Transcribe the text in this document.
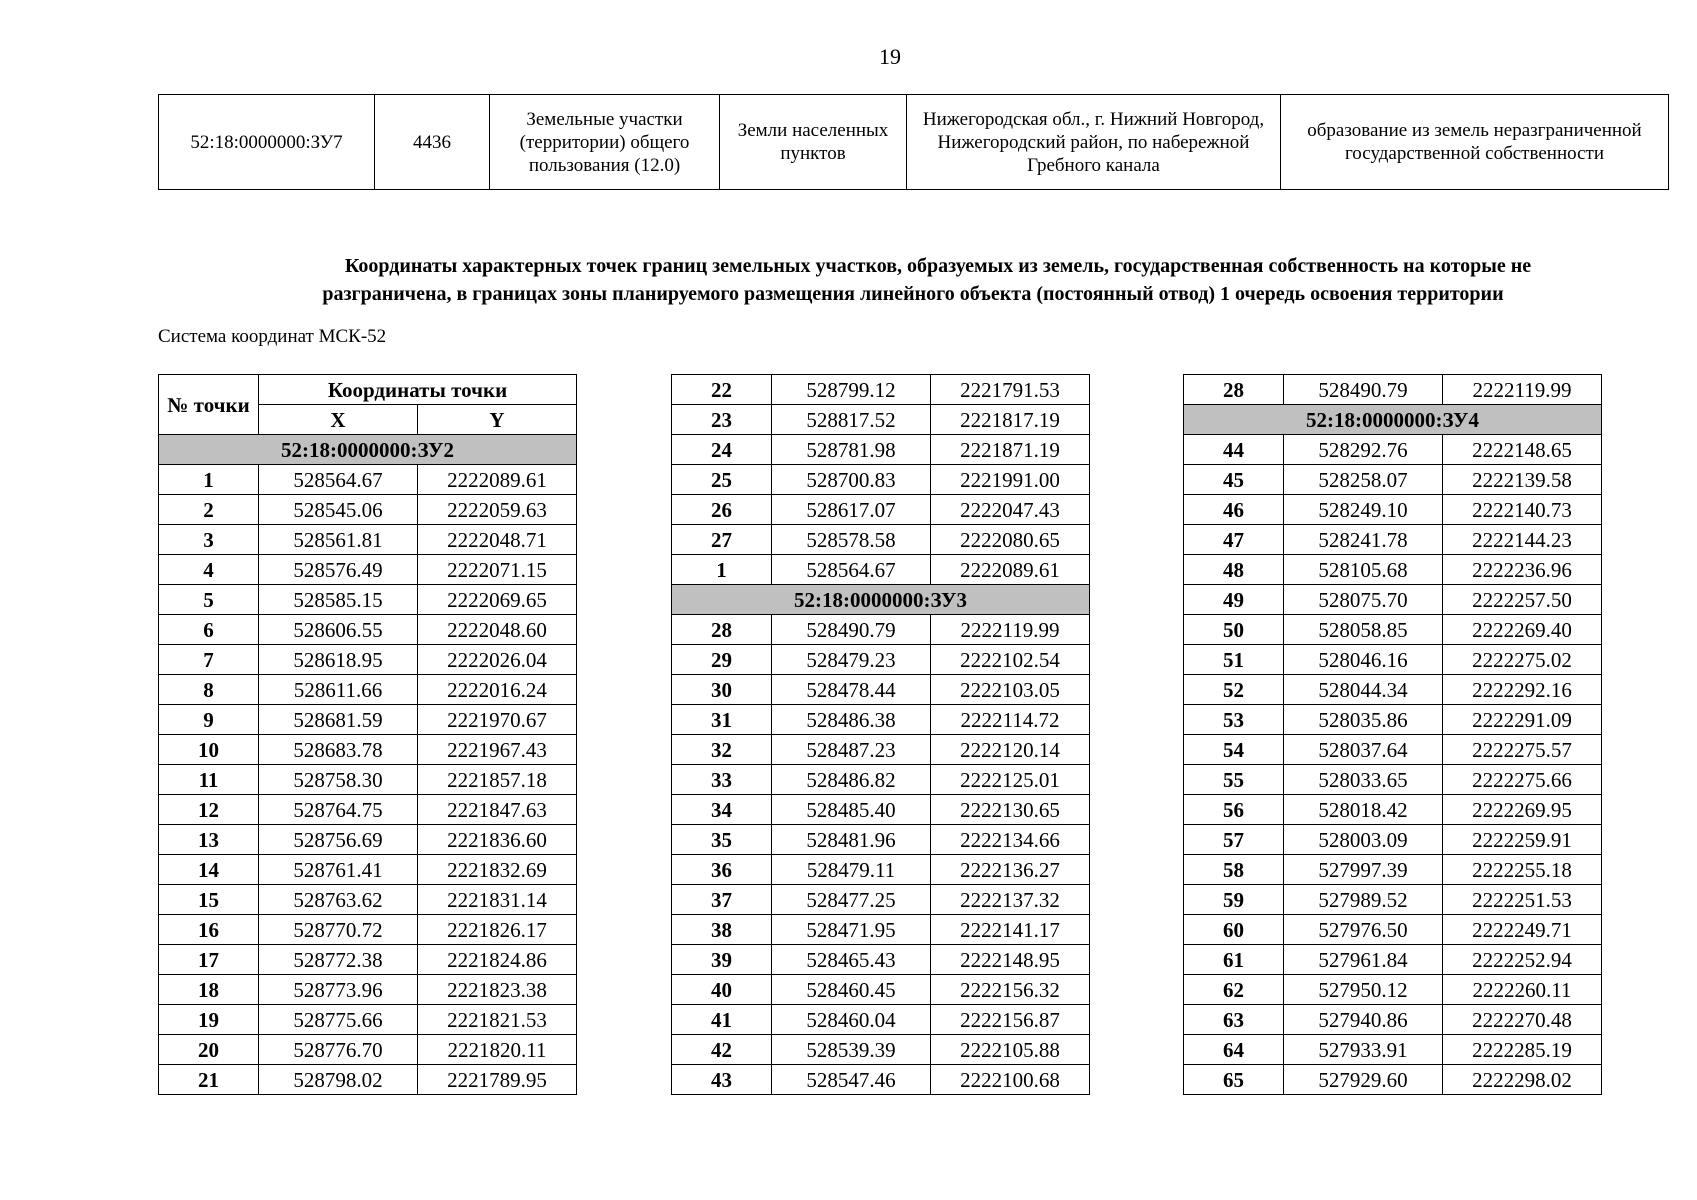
19
52:18:0000000:ЗУ7	4436	Земельные участки (территории) общего пользования (12.0)	Земли населенных пунктов	Нижегородская обл., г. Нижний Новгород, Нижегородский район, по набережной Гребного канала	образование из земель неразграниченной государственной собственности
Координаты характерных точек границ земельных участков, образуемых из земель, государственная собственность на которые не
разграничена, в границах зоны планируемого размещения линейного объекта (постоянный отвод) 1 очередь освоения территории
Система координат МСК-52
№ точки	Координаты точки	
	X	Y
52:18:0000000:ЗУ2		
1	528564.67	2222089.61
2	528545.06	2222059.63
3	528561.81	2222048.71
4	528576.49	2222071.15
5	528585.15	2222069.65
6	528606.55	2222048.60
7	528618.95	2222026.04
8	528611.66	2222016.24
9	528681.59	2221970.67
10	528683.78	2221967.43
11	528758.30	2221857.18
12	528764.75	2221847.63
13	528756.69	2221836.60
14	528761.41	2221832.69
15	528763.62	2221831.14
16	528770.72	2221826.17
17	528772.38	2221824.86
18	528773.96	2221823.38
19	528775.66	2221821.53
20	528776.70	2221820.11
21	528798.02	2221789.95
22	528799.12	2221791.53
23	528817.52	2221817.19
24	528781.98	2221871.19
25	528700.83	2221991.00
26	528617.07	2222047.43
27	528578.58	2222080.65
1	528564.67	2222089.61
52:18:0000000:ЗУ3		
28	528490.79	2222119.99
29	528479.23	2222102.54
30	528478.44	2222103.05
31	528486.38	2222114.72
32	528487.23	2222120.14
33	528486.82	2222125.01
34	528485.40	2222130.65
35	528481.96	2222134.66
36	528479.11	2222136.27
37	528477.25	2222137.32
38	528471.95	2222141.17
39	528465.43	2222148.95
40	528460.45	2222156.32
41	528460.04	2222156.87
42	528539.39	2222105.88
43	528547.46	2222100.68
28	528490.79	2222119.99
52:18:0000000:ЗУ4		
44	528292.76	2222148.65
45	528258.07	2222139.58
46	528249.10	2222140.73
47	528241.78	2222144.23
48	528105.68	2222236.96
49	528075.70	2222257.50
50	528058.85	2222269.40
51	528046.16	2222275.02
52	528044.34	2222292.16
53	528035.86	2222291.09
54	528037.64	2222275.57
55	528033.65	2222275.66
56	528018.42	2222269.95
57	528003.09	2222259.91
58	527997.39	2222255.18
59	527989.52	2222251.53
60	527976.50	2222249.71
61	527961.84	2222252.94
62	527950.12	2222260.11
63	527940.86	2222270.48
64	527933.91	2222285.19
65	527929.60	2222298.02
